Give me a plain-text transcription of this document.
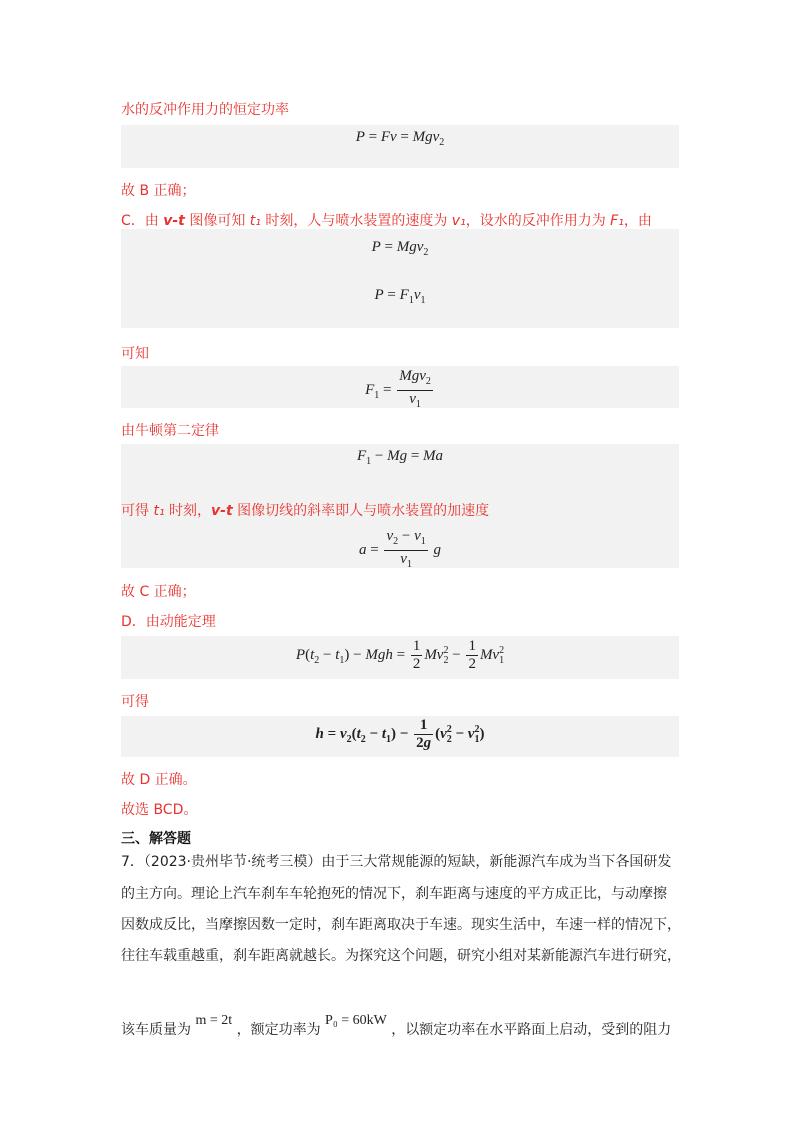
水的反冲作用力的恒定功率
P = Fv = Mgv$_2$
故 B 正确；
C．由 v-t 图像可知 t₁ 时刻，人与喷水装置的速度为 v₁，设水的反冲作用力为 F₁，由
P = Mgv$_2$
$P = F_1v_1$
可知
$F_1 = \frac{Mgv_2}{v_1}$
由牛顿第二定律
$F_1 - Mg = Ma$
$a = \frac{v_2 - v_1}{v_1}$ g
可得 t₁ 时刻，v-t 图像切线的斜率即人与喷水装置的加速度
故 C 正确；
D．由动能定理
$P(t_2 - t_1)$ − Mgh = $\frac{1}{2} Mv_2^2 - \frac{1}{2} Mv_1^2$
可得
$h = v_2(t_2 - t_1) - \frac{1}{2g} (v_2^2 - v_1^2)$
故 D 正确。
故选 BCD。
三、解答题
7．（2023·贵州毕节·统考三模）由于三大常规能源的短缺，新能源汽车成为当下各国研发
的主方向。理论上汽车刹车车轮抱死的情况下，刹车距离与速度的平方成正比，与动摩擦
因数成反比，当摩擦因数一定时，刹车距离取决于车速。现实生活中，车速一样的情况下，
往往车载重越重，刹车距离就越长。为探究这个问题，研究小组对某新能源汽车进行研究，
该车质量为 m = 2t ，额定功率为 P₀ = 60kW ，以额定功率在水平路面上启动，受到的阻力
